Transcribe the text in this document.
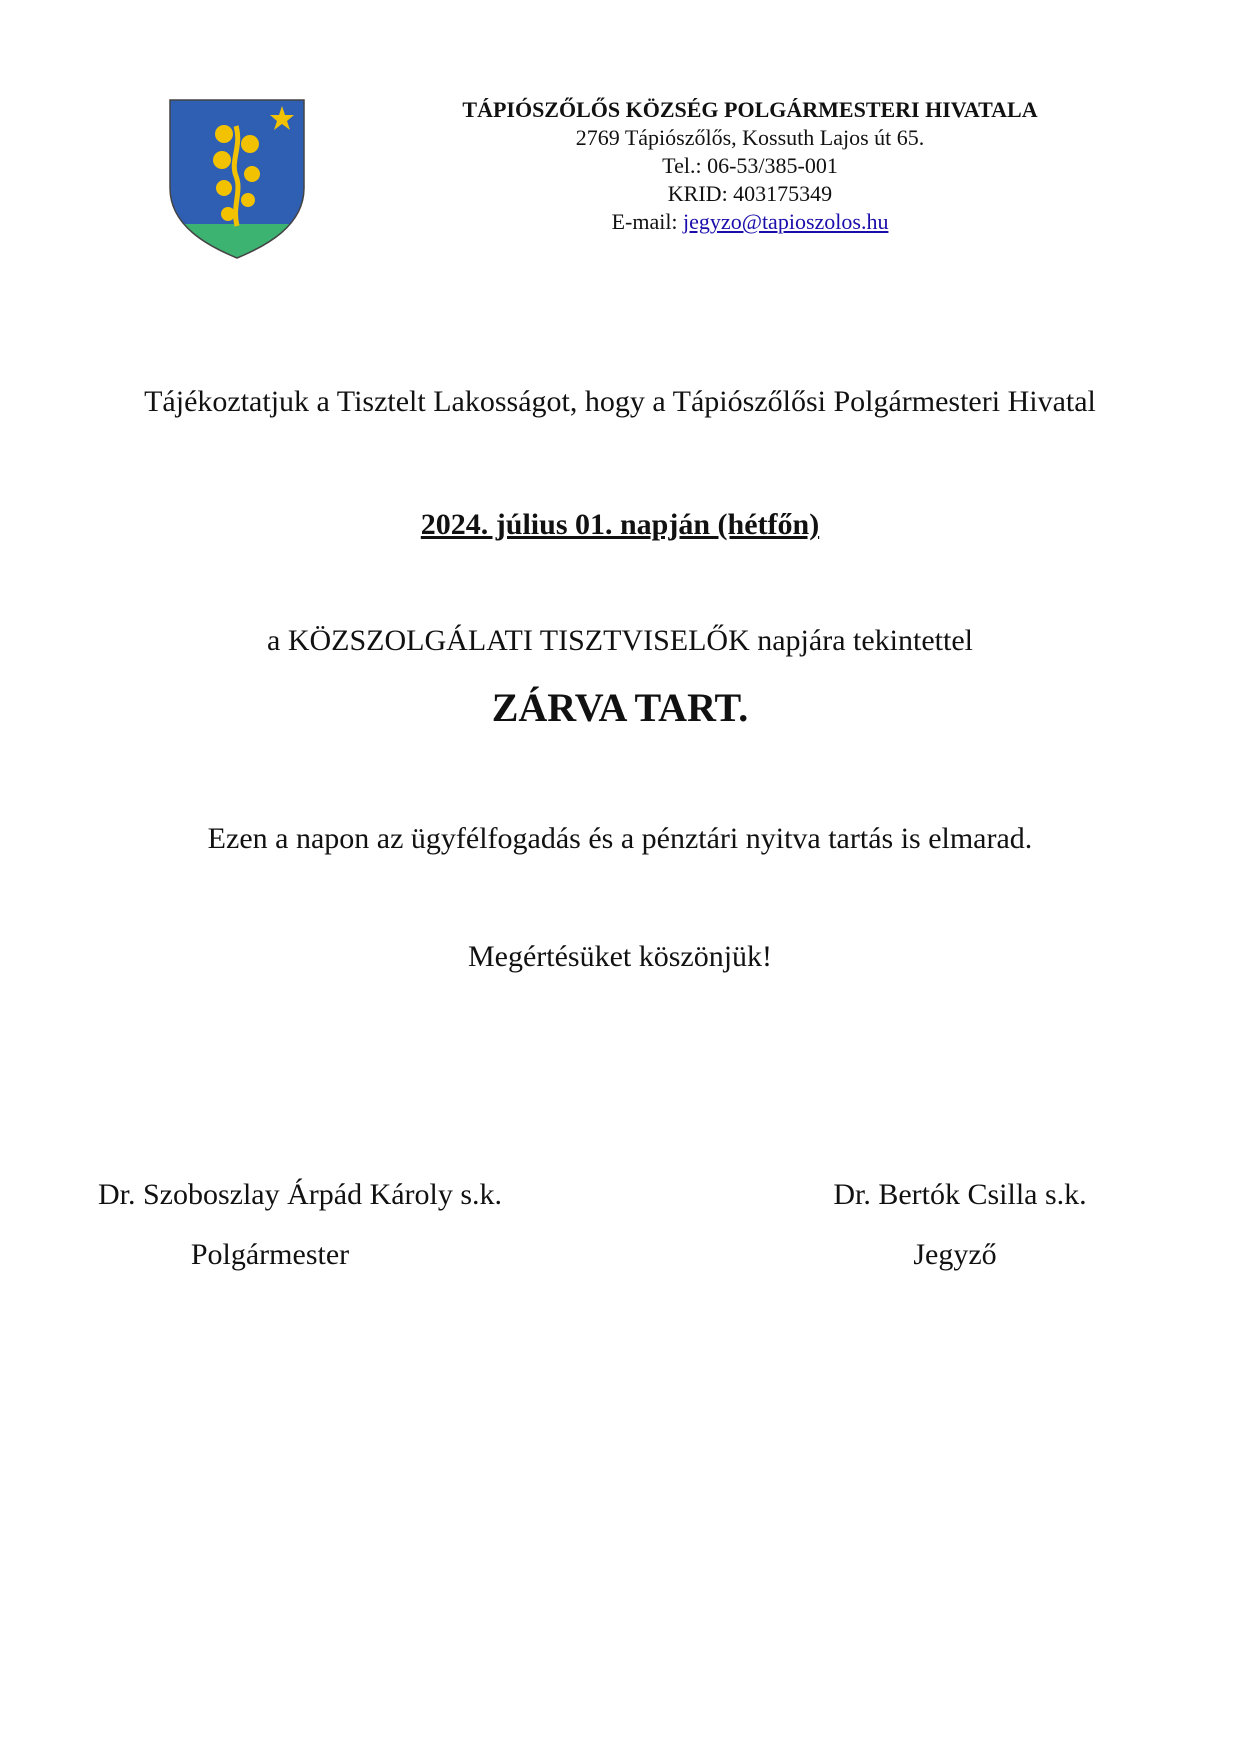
TÁPIÓSZŐLŐS KÖZSÉG POLGÁRMESTERI HIVATALA
2769 Tápiószőlős, Kossuth Lajos út 65.
Tel.: 06-53/385-001
KRID: 403175349
E-mail: jegyzo@tapioszolos.hu
Tájékoztatjuk a Tisztelt Lakosságot, hogy a Tápiószőlősi Polgármesteri Hivatal
2024. július 01. napján (hétfőn)
a KÖZSZOLGÁLATI TISZTVISELŐK napjára tekintettel
ZÁRVA TART.
Ezen a napon az ügyfélfogadás és a pénztári nyitva tartás is elmarad.
Megértésüket köszönjük!
Dr. Szoboszlay Árpád Károly s.k.
Polgármester
Dr. Bertók Csilla s.k.
Jegyző
